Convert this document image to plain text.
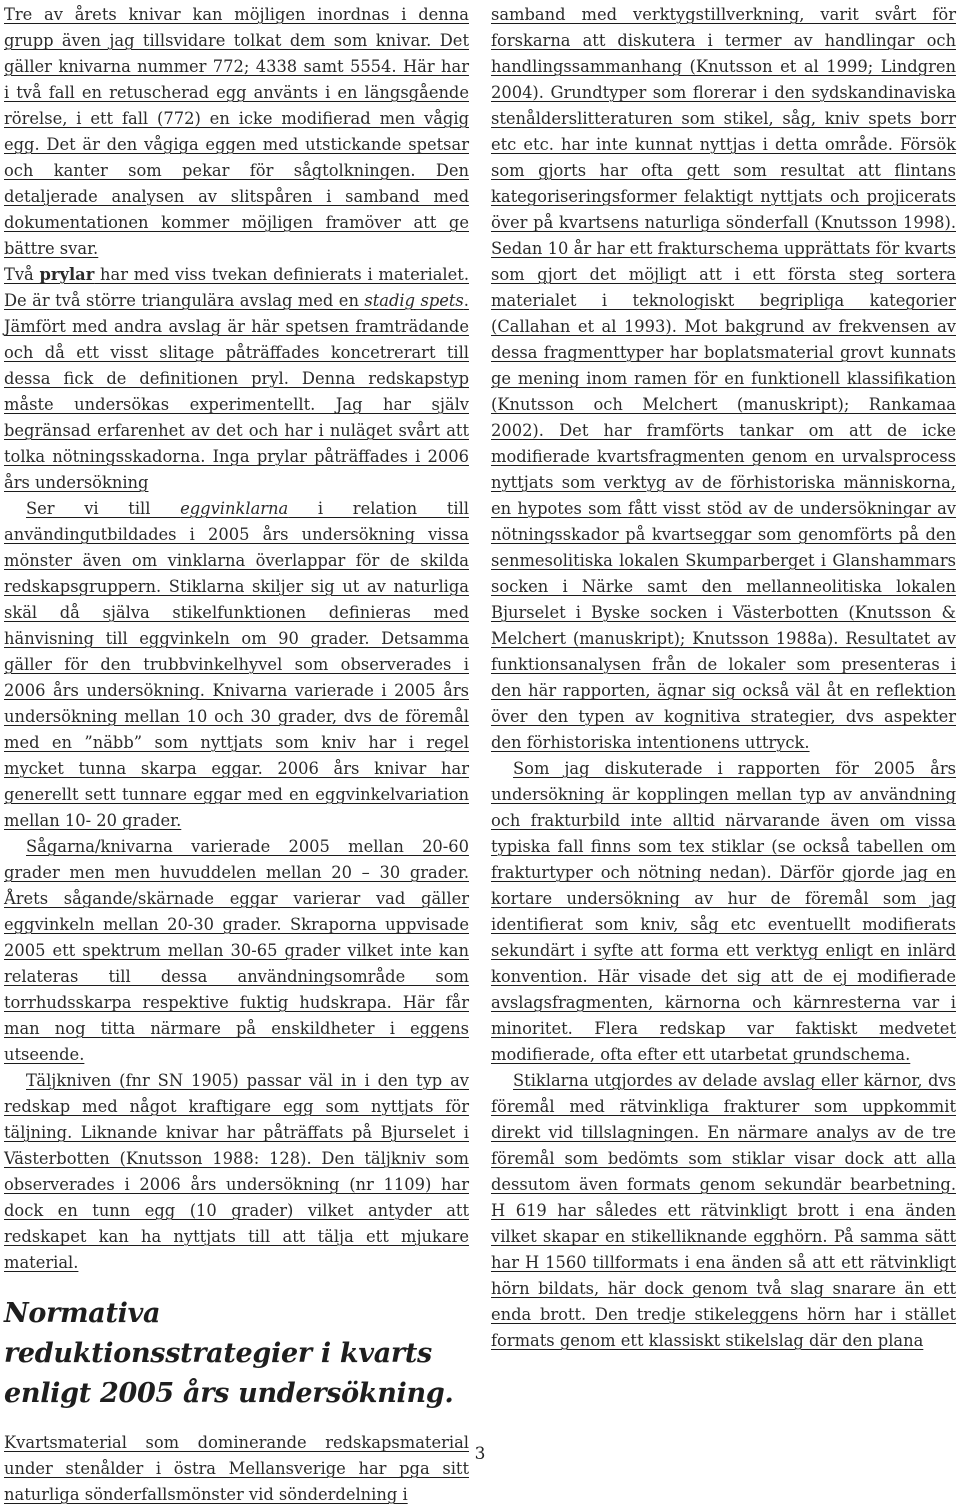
Tre av årets knivar kan möjligen inordnas i denna grupp även jag tillsvidare tolkat dem som knivar. Det gäller knivarna nummer 772; 4338 samt 5554. Här har i två fall en retuscherad egg använts i en längsgående rörelse, i ett fall (772) en icke modifierad men vågig egg. Det är den vågiga eggen med utstickande spetsar och kanter som pekar för sågtolkningen. Den detaljerade analysen av slitspåren i samband med dokumentationen kommer möjligen framöver att ge bättre svar.

Två prylar har med viss tvekan definierats i materialet. De är två större triangulära avslag med en stadig spets. Jämfört med andra avslag är här spetsen framträdande och då ett visst slitage påträffades koncetrerart till dessa fick de definitionen pryl. Denna redskapstyp måste undersökas experimentellt. Jag har själv begränsad erfarenhet av det och har i nuläget svårt att tolka nötningsskadorna. Inga prylar påträffades i 2006 års undersökning

Ser vi till eggvinklarna i relation till användingutbildades i 2005 års undersökning vissa mönster även om vinklarna överlappar för de skilda redskapsgruppern. Stiklarna skiljer sig ut av naturliga skäl då själva stikelfunktionen definieras med hänvisning till eggvinkeln om 90 grader. Detsamma gäller för den trubbvinkelhyvel som observerades i 2006 års undersökning. Knivarna varierade i 2005 års undersökning mellan 10 och 30 grader, dvs de föremål med en ”näbb” som nyttjats som kniv har i regel mycket tunna skarpa eggar. 2006 års knivar har generellt sett tunnare eggar med en eggvinkelvariation mellan 10- 20 grader.

Sågarna/knivarna varierade 2005 mellan 20-60 grader men men huvuddelen mellan 20 – 30 grader. Årets sågande/skärnade eggar varierar vad gäller eggvinkeln mellan 20-30 grader. Skraporna uppvisade 2005 ett spektrum mellan 30-65 grader vilket inte kan relateras till dessa användningsområde som torrhudsskarpa respektive fuktig hudskrapa. Här får man nog titta närmare på enskildheter i eggens utseende.

Täljkniven (fnr SN 1905) passar väl in i den typ av redskap med något kraftigare egg som nyttjats för täljning. Liknande knivar har påträffats på Bjurselet i Västerbotten (Knutsson 1988: 128). Den täljkniv som observerades i 2006 års undersökning (nr 1109) har dock en tunn egg (10 grader) vilket antyder att redskapet kan ha nyttjats till att tälja ett mjukare material.

Normativa reduktionsstrategier i kvarts enligt 2005 års undersökning.

Kvartsmaterial som dominerande redskapsmaterial under stenålder i östra Mellansverige har pga sitt naturliga sönderfallsmönster vid sönderdelning i

samband med verktygstillverkning, varit svårt för forskarna att diskutera i termer av handlingar och handlingssammanhang (Knutsson et al 1999; Lindgren 2004). Grundtyper som florerar i den sydskandinaviska stenålderslitteraturen som stikel, såg, kniv spets borr etc etc. har inte kunnat nyttjas i detta område. Försök som gjorts har ofta gett som resultat att flintans kategoriseringsformer felaktigt nyttjats och projicerats över på kvartsens naturliga sönderfall (Knutsson 1998). Sedan 10 år har ett frakturschema upprättats för kvarts som gjort det möjligt att i ett första steg sortera materialet i teknologiskt begripliga kategorier (Callahan et al 1993). Mot bakgrund av frekvensen av dessa fragmenttyper har boplatsmaterial grovt kunnats ge mening inom ramen för en funktionell klassifikation (Knutsson och Melchert (manuskript); Rankamaa 2002). Det har framförts tankar om att de icke modifierade kvartsfragmenten genom en urvalsprocess nyttjats som verktyg av de förhistoriska människorna, en hypotes som fått visst stöd av de undersökningar av nötningsskador på kvartseggar som genomförts på den senmesolitiska lokalen Skumparberget i Glanshammars socken i Närke samt den mellanneolitiska lokalen Bjurselet i Byske socken i Västerbotten (Knutsson & Melchert (manuskript); Knutsson 1988a). Resultatet av funktionsanalysen från de lokaler som presenteras i den här rapporten, ägnar sig också väl åt en reflektion över den typen av kognitiva strategier, dvs aspekter den förhistoriska intentionens uttryck.

Som jag diskuterade i rapporten för 2005 års undersökning är kopplingen mellan typ av användning och frakturbild inte alltid närvarande även om vissa typiska fall finns som tex stiklar (se också tabellen om frakturtyper och nötning nedan). Därför gjorde jag en kortare undersökning av hur de föremål som jag identifierat som kniv, såg etc eventuellt modifierats sekundärt i syfte att forma ett verktyg enligt en inlärd konvention. Här visade det sig att de ej modifierade avslagsfragmenten, kärnorna och kärnresterna var i minoritet. Flera redskap var faktiskt medvetet modifierade, ofta efter ett utarbetat grundschema.

Stiklarna utgjordes av delade avslag eller kärnor, dvs föremål med rätvinkliga frakturer som uppkommit direkt vid tillslagningen. En närmare analys av de tre föremål som bedömts som stiklar visar dock att alla dessutom även formats genom sekundär bearbetning. H 619 har således ett rätvinkligt brott i ena änden vilket skapar en stikelliknande egghörn. På samma sätt har H 1560 tillformats i ena änden så att ett rätvinkligt hörn bildats, här dock genom två slag snarare än ett enda brott. Den tredje stikeleggens hörn har i stället formats genom ett klassiskt stikelslag där den plana

3
